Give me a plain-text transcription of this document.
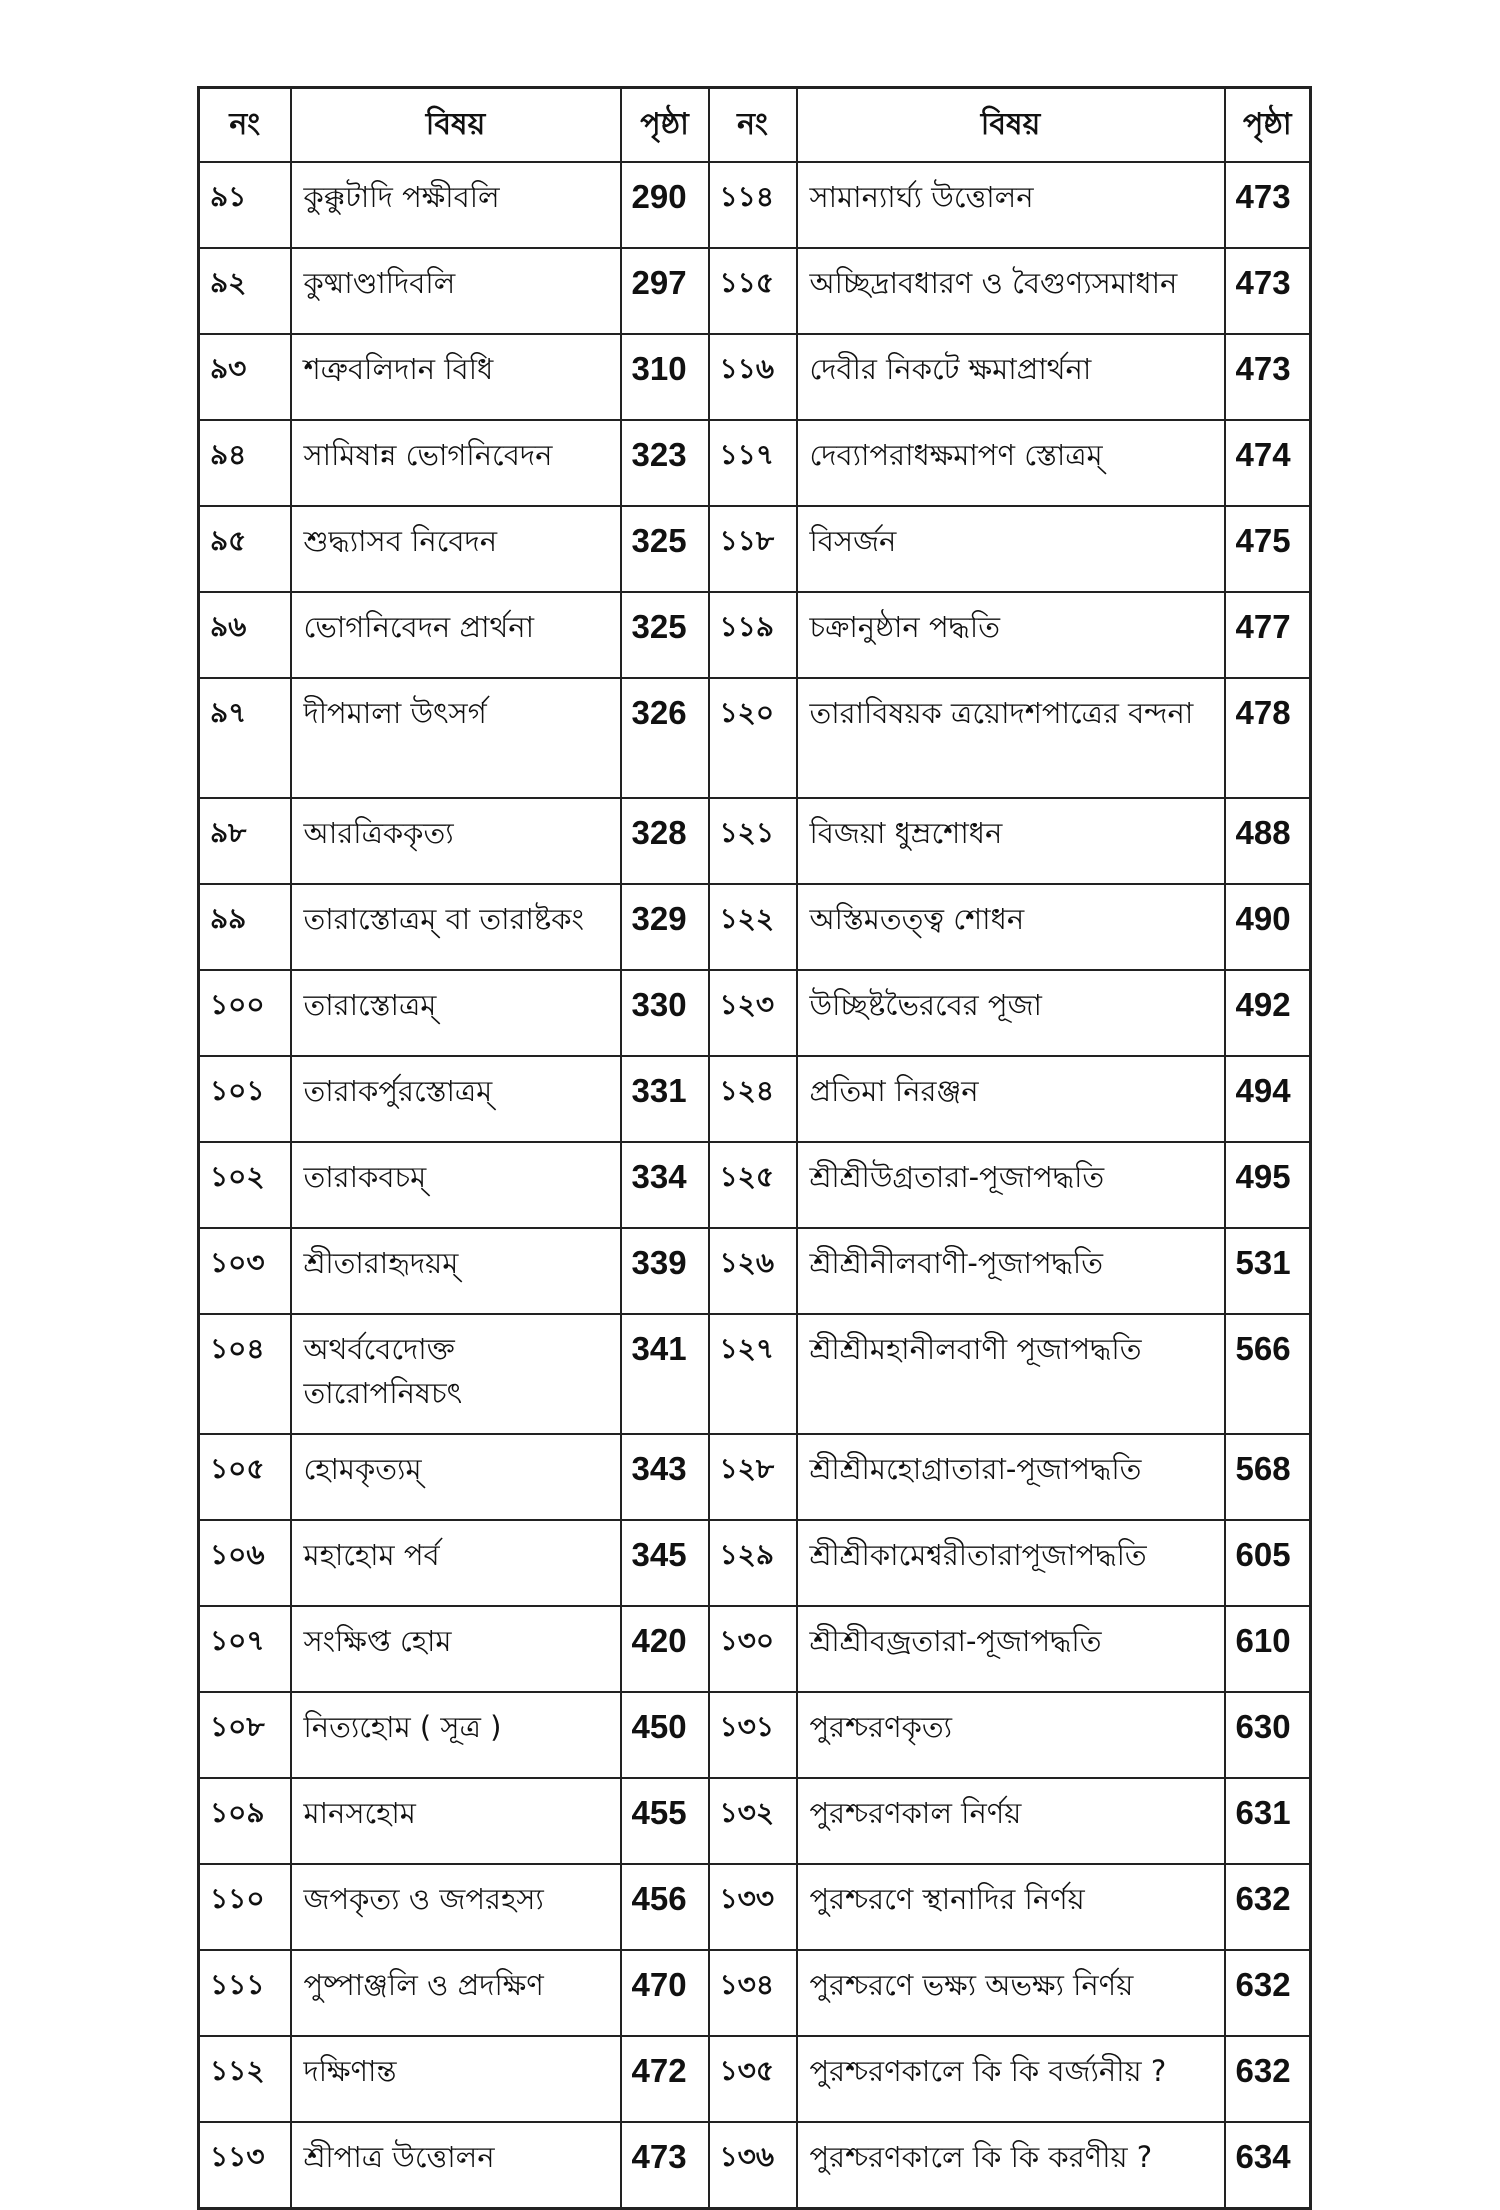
নং	বিষয়	পৃষ্ঠা	নং	বিষয়	পৃষ্ঠা
৯১	কুক্কুটাদি পক্ষীবলি	290	১১৪	সামান্যার্ঘ্য উত্তোলন	473
৯২	কুষ্মাণ্ডাদিবলি	297	১১৫	অচ্ছিদ্রাবধারণ ও বৈগুণ্যসমাধান	473
৯৩	শত্রুবলিদান বিধি	310	১১৬	দেবীর নিকটে ক্ষমাপ্রার্থনা	473
৯৪	সামিষান্ন ভোগনিবেদন	323	১১৭	দেব্যাপরাধক্ষমাপণ স্তোত্রম্	474
৯৫	শুদ্ধ্যাসব নিবেদন	325	১১৮	বিসর্জন	475
৯৬	ভোগনিবেদন প্রার্থনা	325	১১৯	চক্রানুষ্ঠান পদ্ধতি	477
৯৭	দীপমালা উৎসর্গ	326	১২০	তারাবিষয়ক ত্রয়োদশপাত্রের বন্দনা	478
৯৮	আরত্রিককৃত্য	328	১২১	বিজয়া ধুম্রশোধন	488
৯৯	তারাস্তোত্রম্ বা তারাষ্টকং	329	১২২	অস্তিমতত্ত্ব শোধন	490
১০০	তারাস্তোত্রম্	330	১২৩	উচ্ছিষ্টভৈরবের পূজা	492
১০১	তারাকর্পুরস্তোত্রম্	331	১২৪	প্রতিমা নিরঞ্জন	494
১০২	তারাকবচম্	334	১২৫	শ্রীশ্রীউগ্রতারা-পূজাপদ্ধতি	495
১০৩	শ্রীতারাহৃদয়ম্	339	১২৬	শ্রীশ্রীনীলবাণী-পূজাপদ্ধতি	531
১০৪	অথর্ববেদোক্ত তারোপনিষচৎ	341	১২৭	শ্রীশ্রীমহানীলবাণী পূজাপদ্ধতি	566
১০৫	হোমকৃত্যম্	343	১২৮	শ্রীশ্রীমহোগ্রাতারা-পূজাপদ্ধতি	568
১০৬	মহাহোম পর্ব	345	১২৯	শ্রীশ্রীকামেশ্বরীতারাপূজাপদ্ধতি	605
১০৭	সংক্ষিপ্ত হোম	420	১৩০	শ্রীশ্রীবজ্রতারা-পূজাপদ্ধতি	610
১০৮	নিত্যহোম ( সূত্র )	450	১৩১	পুরশ্চরণকৃত্য	630
১০৯	মানসহোম	455	১৩২	পুরশ্চরণকাল নির্ণয়	631
১১০	জপকৃত্য ও জপরহস্য	456	১৩৩	পুরশ্চরণে স্থানাদির নির্ণয়	632
১১১	পুষ্পাঞ্জলি ও প্রদক্ষিণ	470	১৩৪	পুরশ্চরণে ভক্ষ্য অভক্ষ্য নির্ণয়	632
১১২	দক্ষিণান্ত	472	১৩৫	পুরশ্চরণকালে কি কি বর্জ্যনীয় ?	632
১১৩	শ্রীপাত্র উত্তোলন	473	১৩৬	পুরশ্চরণকালে কি কি করণীয় ?	634
